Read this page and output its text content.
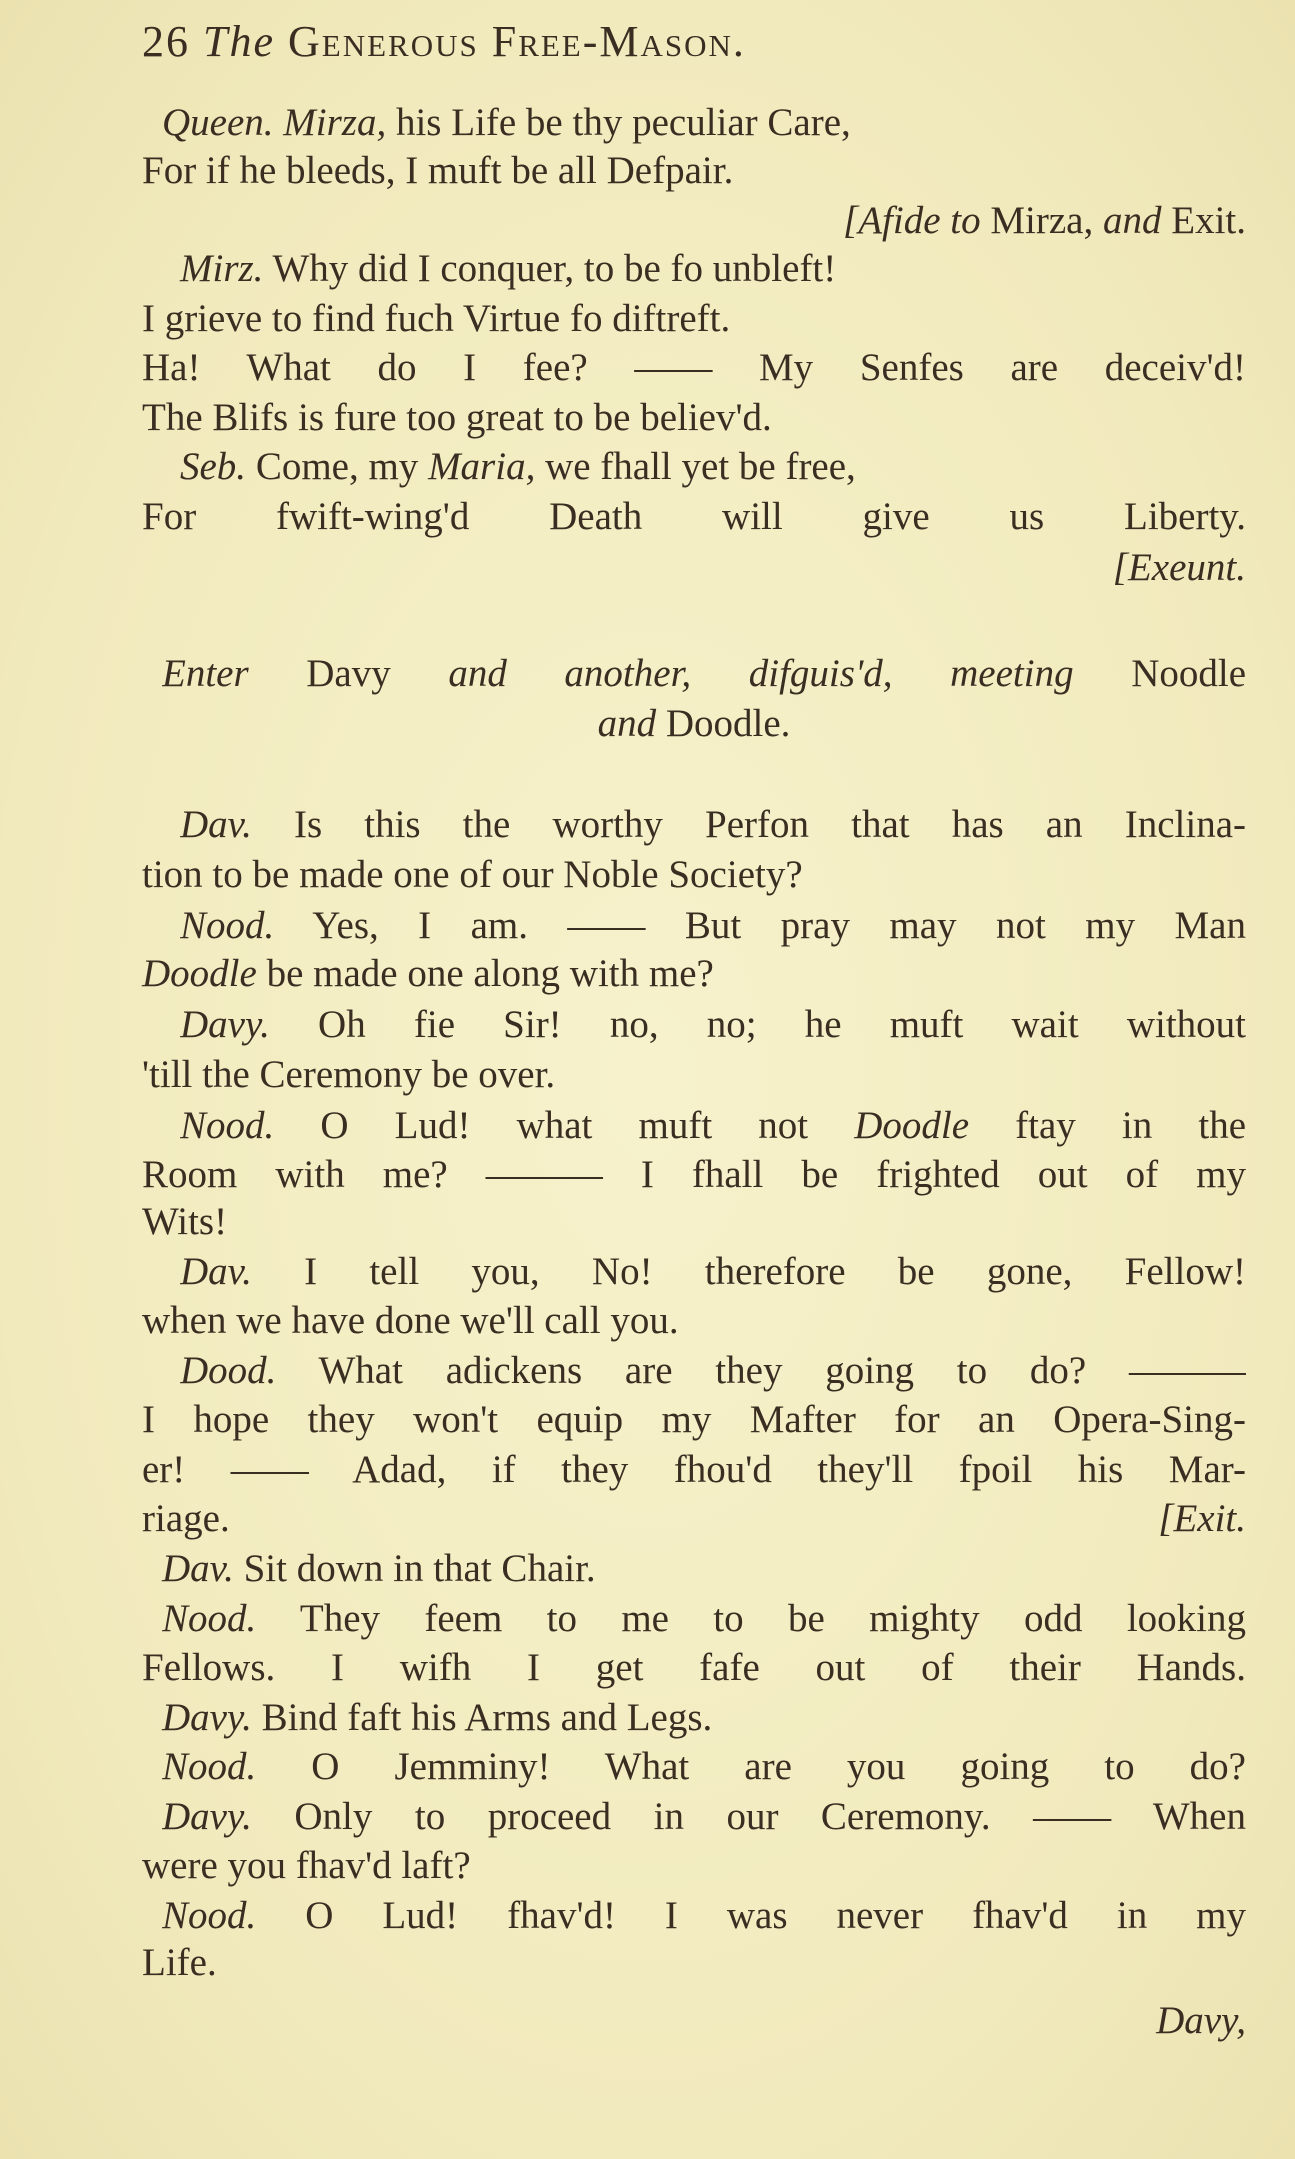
26 The Generous Free-Mason.
Queen. Mirza, his Life be thy peculiar Care,
For if he bleeds, I muft be all Defpair.
[Afide to Mirza, and Exit.
Mirz. Why did I conquer, to be fo unbleft!
I grieve to find fuch Virtue fo diftreft.
Ha! What do I fee? —— My Senfes are deceiv'd!
The Blifs is fure too great to be believ'd.
Seb. Come, my Maria, we fhall yet be free,
For fwift-wing'd Death will give us Liberty.
[Exeunt.
Enter Davy and another, difguis'd, meeting Noodle
and Doodle.
Dav. Is this the worthy Perfon that has an Inclina-
tion to be made one of our Noble Society?
Nood. Yes, I am. —— But pray may not my Man
Doodle be made one along with me?
Davy. Oh fie Sir! no, no; he muft wait without
'till the Ceremony be over.
Nood. O Lud! what muft not Doodle ftay in the
Room with me? ——— I fhall be frighted out of my
Wits!
Dav. I tell you, No! therefore be gone, Fellow!
when we have done we'll call you.
Dood. What adickens are they going to do? ———
I hope they won't equip my Mafter for an Opera-Sing-
er! —— Adad, if they fhou'd they'll fpoil his Mar-
riage.
Dav. Sit down in that Chair.
Nood. They feem to me to be mighty odd looking
Fellows. I wifh I get fafe out of their Hands.
Davy. Bind faft his Arms and Legs.
Nood. O Jemminy! What are you going to do?
Davy. Only to proceed in our Ceremony. —— When
were you fhav'd laft?
Nood. O Lud! fhav'd! I was never fhav'd in my
Life.
Davy,
[Exit.
